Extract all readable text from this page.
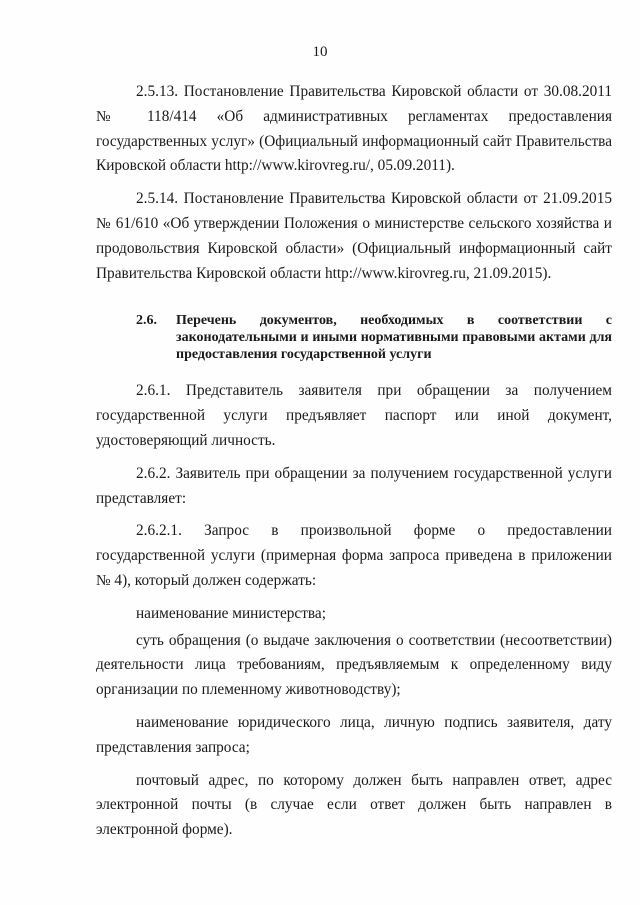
10

2.5.13. Постановление Правительства Кировской области от 30.08.2011 № 118/414 «Об административных регламентах предоставления государственных услуг» (Официальный информационный сайт Правительства Кировской области http://www.kirovreg.ru/, 05.09.2011).

2.5.14. Постановление Правительства Кировской области от 21.09.2015 № 61/610 «Об утверждении Положения о министерстве сельского хозяйства и продовольствия Кировской области» (Официальный информационный сайт Правительства Кировской области http://www.kirovreg.ru, 21.09.2015).

2.6.	Перечень документов, необходимых в соответствии с законодательными и иными нормативными правовыми актами для предоставления государственной услуги

2.6.1. Представитель заявителя при обращении за получением государственной услуги предъявляет паспорт или иной документ, удостоверяющий личность.

2.6.2. Заявитель при обращении за получением государственной услуги представляет:

2.6.2.1. Запрос в произвольной форме о предоставлении государственной услуги (примерная форма запроса приведена в приложении № 4), который должен содержать:

наименование министерства;

суть обращения (о выдаче заключения о соответствии (несоответствии) деятельности лица требованиям, предъявляемым к определенному виду организации по племенному животноводству);

наименование юридического лица, личную подпись заявителя, дату представления запроса;

почтовый адрес, по которому должен быть направлен ответ, адрес электронной почты (в случае если ответ должен быть направлен в электронной форме).
